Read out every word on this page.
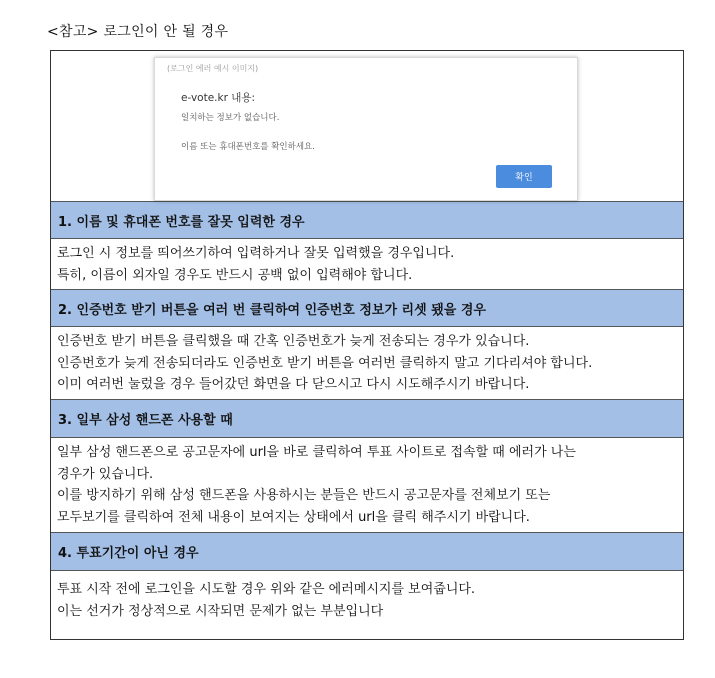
<참고> 로그인이 안 될 경우
(로그인 에러 예시 이미지)
e-vote.kr 내용:
일치하는 정보가 없습니다.
이름 또는 휴대폰번호를 확인하세요.
확인
1. 이름 및 휴대폰 번호를 잘못 입력한 경우
로그인 시 정보를 띄어쓰기하여 입력하거나 잘못 입력했을 경우입니다.
특히, 이름이 외자일 경우도 반드시 공백 없이 입력해야 합니다.
2. 인증번호 받기 버튼을 여러 번 클릭하여 인증번호 정보가 리셋 됐을 경우
인증번호 받기 버튼을 클릭했을 때 간혹 인증번호가 늦게 전송되는 경우가 있습니다.
인증번호가 늦게 전송되더라도 인증번호 받기 버튼을 여러번 클릭하지 말고 기다리셔야 합니다.
이미 여러번 눌렀을 경우 들어갔던 화면을 다 닫으시고 다시 시도해주시기 바랍니다.
3. 일부 삼성 핸드폰 사용할 때
일부 삼성 핸드폰으로 공고문자에 url을 바로 클릭하여 투표 사이트로 접속할 때 에러가 나는
경우가 있습니다.
이를 방지하기 위해 삼성 핸드폰을 사용하시는 분들은 반드시 공고문자를 전체보기 또는
모두보기를 클릭하여 전체 내용이 보여지는 상태에서 url을 클릭 해주시기 바랍니다.
4. 투표기간이 아닌 경우
투표 시작 전에 로그인을 시도할 경우 위와 같은 에러메시지를 보여줍니다.
이는 선거가 정상적으로 시작되면 문제가 없는 부분입니다
